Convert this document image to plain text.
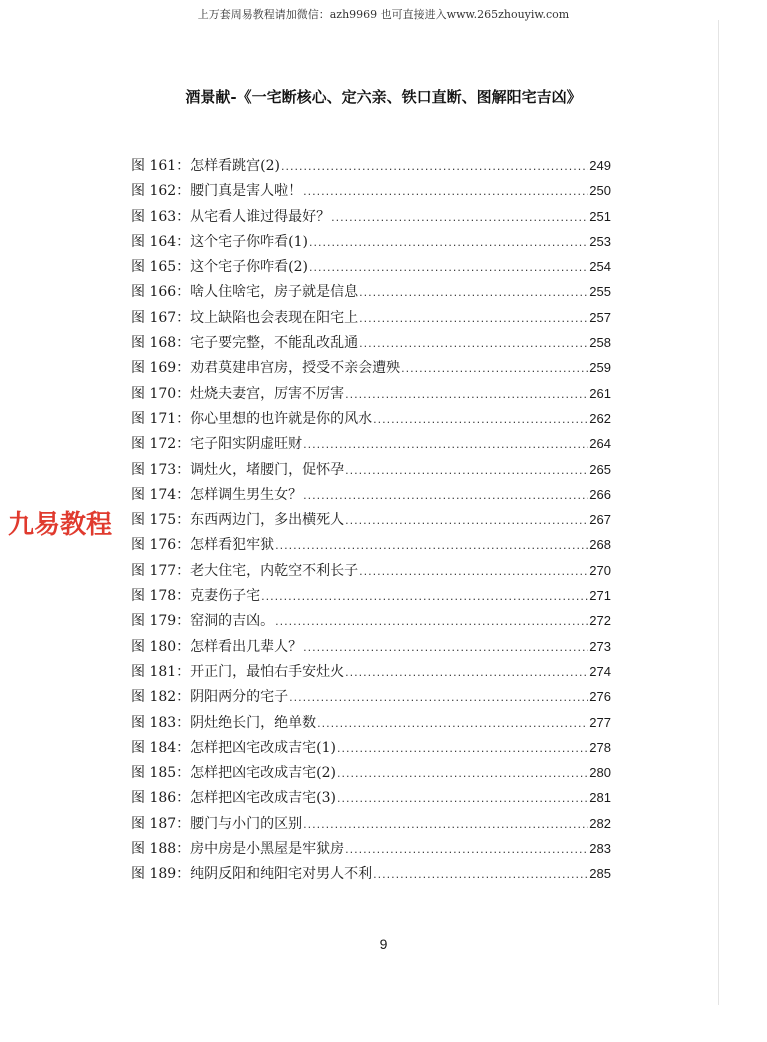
上万套周易教程请加微信：azh9969 也可直接进入www.265zhouyiw.com
酒景献-《一宅断核心、定六亲、铁口直断、图解阳宅吉凶》
图 161： 怎样看跳宫(2) .....	249
图 162： 腰门真是害人啦！ .....	250
图 163： 从宅看人谁过得最好？ .....	251
图 164： 这个宅子你咋看(1) .....	253
图 165： 这个宅子你咋看(2) .....	254
图 166： 啥人住啥宅，房子就是信息 .....	255
图 167： 坟上缺陷也会表现在阳宅上 .....	257
图 168： 宅子要完整，不能乱改乱通 .....	258
图 169： 劝君莫建串宫房，授受不亲会遭殃 .....	259
图 170： 灶烧夫妻宫，厉害不厉害 .....	261
图 171： 你心里想的也许就是你的风水 .....	262
图 172： 宅子阳实阴虚旺财 .....	264
图 173： 调灶火，堵腰门，促怀孕 .....	265
图 174： 怎样调生男生女？ .....	266
图 175： 东西两边门，多出横死人 .....	267
图 176： 怎样看犯牢狱 .....	268
图 177： 老大住宅，内乾空不利长子 .....	270
图 178： 克妻伤子宅 .....	271
图 179： 窑洞的吉凶。 .....	272
图 180： 怎样看出几辈人？ .....	273
图 181： 开正门，最怕右手安灶火 .....	274
图 182： 阴阳两分的宅子 .....	276
图 183： 阴灶绝长门，绝单数 .....	277
图 184： 怎样把凶宅改成吉宅(1) .....	278
图 185： 怎样把凶宅改成吉宅(2) .....	280
图 186： 怎样把凶宅改成吉宅(3) .....	281
图 187： 腰门与小门的区别 .....	282
图 188： 房中房是小黑屋是牢狱房 .....	283
图 189： 纯阴反阳和纯阳宅对男人不利 .....	285
九易教程
9
